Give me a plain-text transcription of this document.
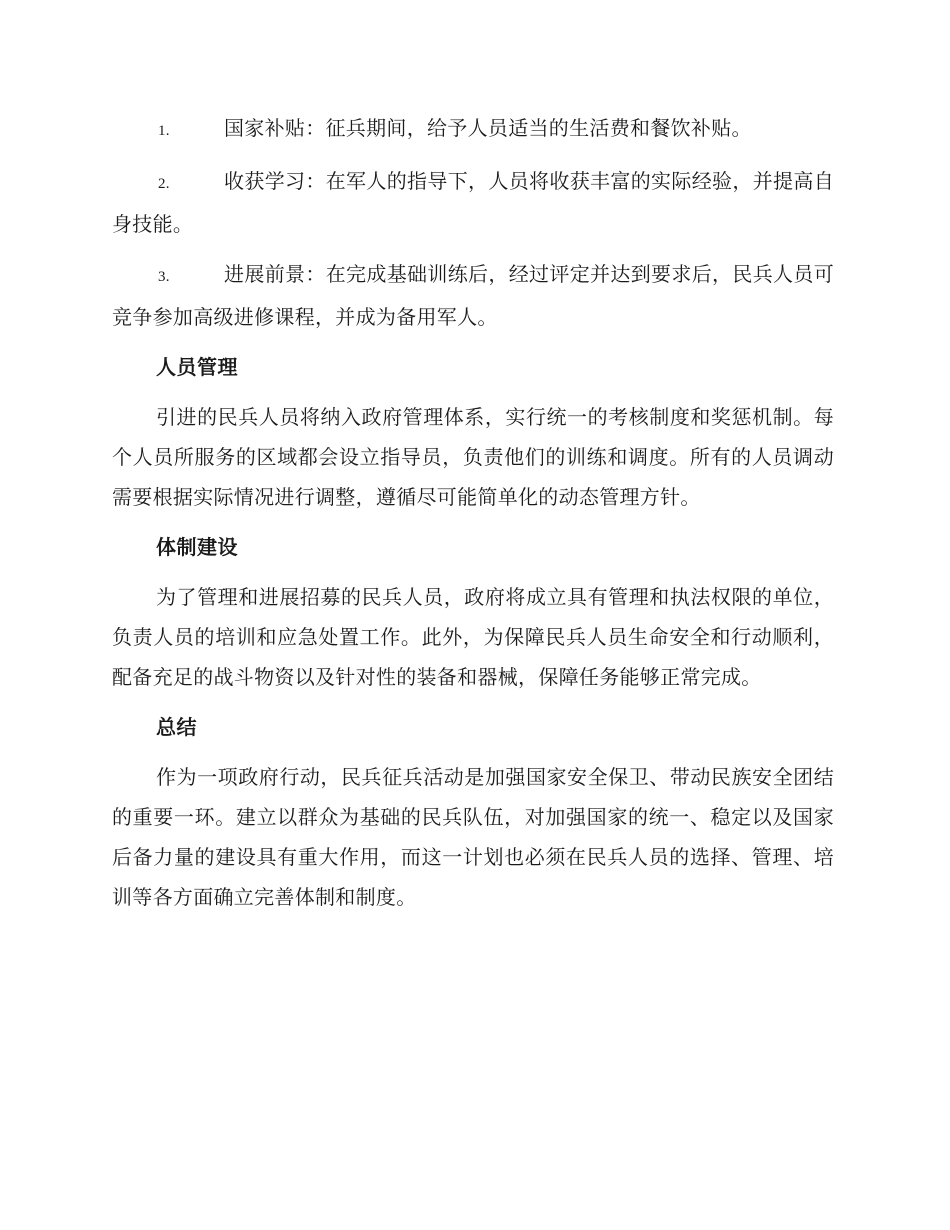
1.	国家补贴：征兵期间，给予人员适当的生活费和餐饮补贴。
2.	收获学习：在军人的指导下，人员将收获丰富的实际经验，并提高自身技能。
3.	进展前景：在完成基础训练后，经过评定并达到要求后，民兵人员可竞争参加高级进修课程，并成为备用军人。
人员管理
引进的民兵人员将纳入政府管理体系，实行统一的考核制度和奖惩机制。每个人员所服务的区域都会设立指导员，负责他们的训练和调度。所有的人员调动需要根据实际情况进行调整，遵循尽可能简单化的动态管理方针。
体制建设
为了管理和进展招募的民兵人员，政府将成立具有管理和执法权限的单位，负责人员的培训和应急处置工作。此外，为保障民兵人员生命安全和行动顺利，配备充足的战斗物资以及针对性的装备和器械，保障任务能够正常完成。
总结
作为一项政府行动，民兵征兵活动是加强国家安全保卫、带动民族安全团结的重要一环。建立以群众为基础的民兵队伍，对加强国家的统一、稳定以及国家后备力量的建设具有重大作用，而这一计划也必须在民兵人员的选择、管理、培训等各方面确立完善体制和制度。
